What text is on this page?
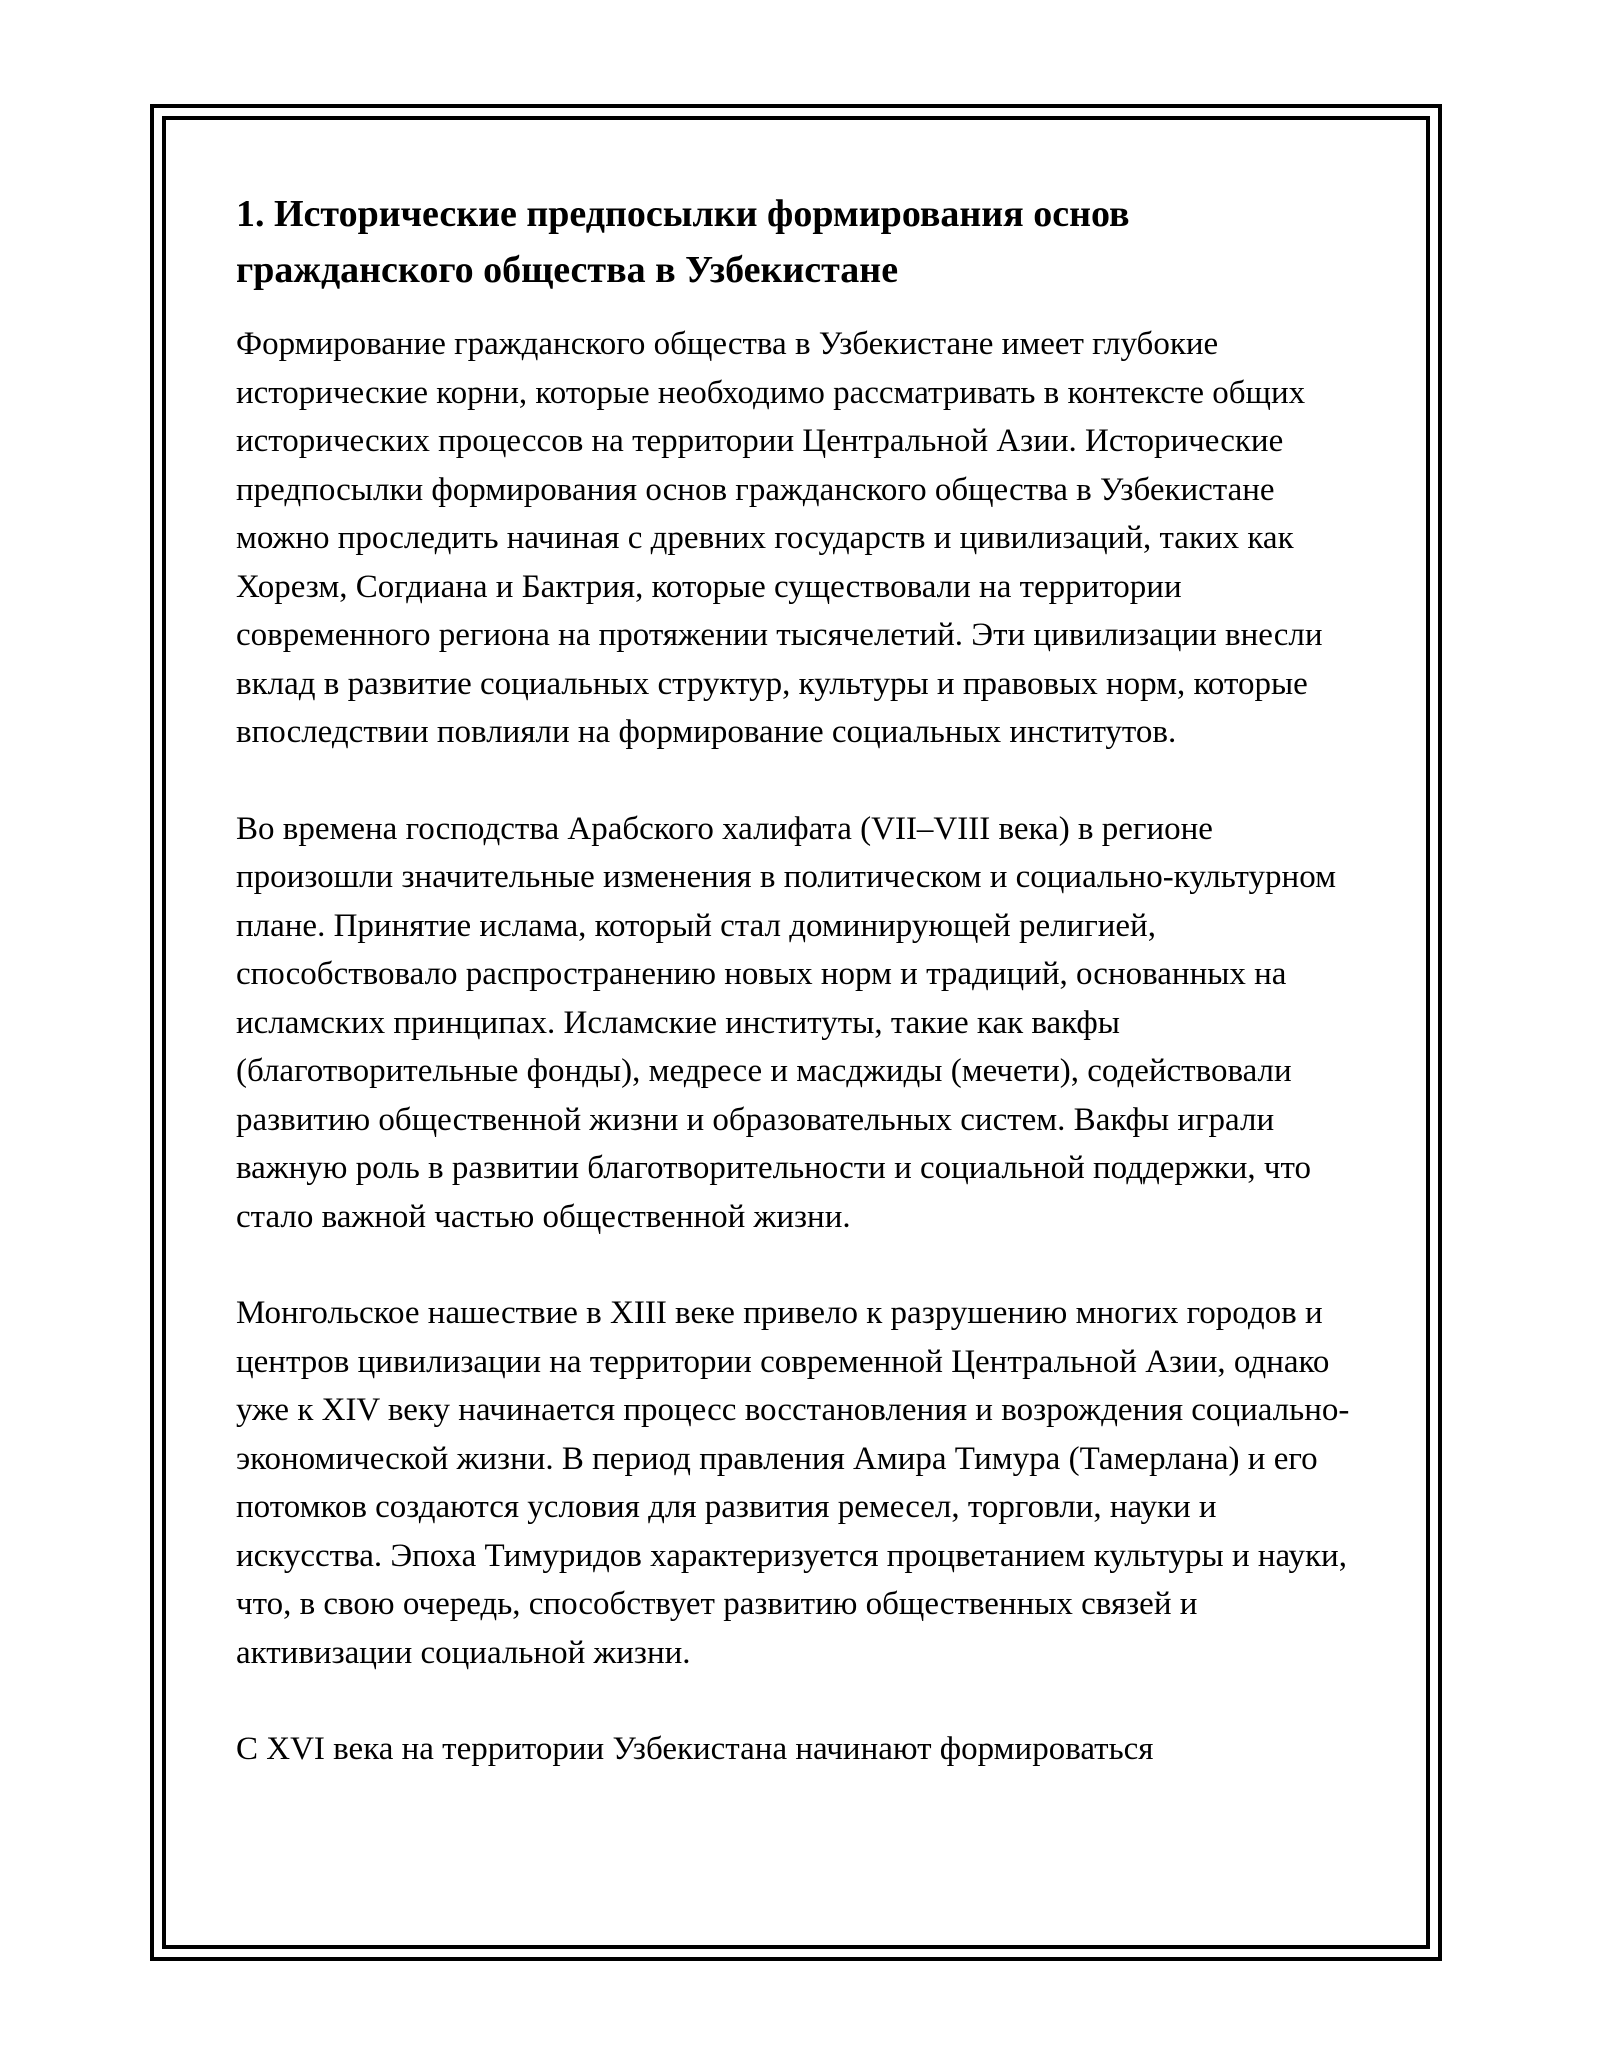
1. Исторические предпосылки формирования основ гражданского общества в Узбекистане

Формирование гражданского общества в Узбекистане имеет глубокие исторические корни, которые необходимо рассматривать в контексте общих исторических процессов на территории Центральной Азии. Исторические предпосылки формирования основ гражданского общества в Узбекистане можно проследить начиная с древних государств и цивилизаций, таких как Хорезм, Согдиана и Бактрия, которые существовали на территории современного региона на протяжении тысячелетий. Эти цивилизации внесли вклад в развитие социальных структур, культуры и правовых норм, которые впоследствии повлияли на формирование социальных институтов.

Во времена господства Арабского халифата (VII–VIII века) в регионе произошли значительные изменения в политическом и социально-культурном плане. Принятие ислама, который стал доминирующей религией, способствовало распространению новых норм и традиций, основанных на исламских принципах. Исламские институты, такие как вакфы (благотворительные фонды), медресе и масджиды (мечети), содействовали развитию общественной жизни и образовательных систем. Вакфы играли важную роль в развитии благотворительности и социальной поддержки, что стало важной частью общественной жизни.

Монгольское нашествие в XIII веке привело к разрушению многих городов и центров цивилизации на территории современной Центральной Азии, однако уже к XIV веку начинается процесс восстановления и возрождения социально-экономической жизни. В период правления Амира Тимура (Тамерлана) и его потомков создаются условия для развития ремесел, торговли, науки и искусства. Эпоха Тимуридов характеризуется процветанием культуры и науки, что, в свою очередь, способствует развитию общественных связей и активизации социальной жизни.

С XVI века на территории Узбекистана начинают формироваться
